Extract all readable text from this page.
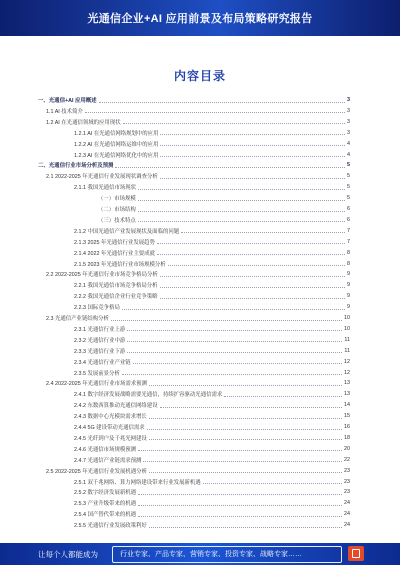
光通信企业+AI 应用前景及布局策略研究报告
内容目录
一、光通信+AI 应用概述	3
1.1 AI 技术简介	3
1.2 AI 在光通信领域的应用现状	3
1.2.1 AI 在光通信网络规划中的应用	3
1.2.2 AI 在光通信网络运维中的应用	4
1.2.3 AI 在光通信网络优化中的应用	4
二、光通信行业市场分析及预测	5
2.1 2022-2025 年光通信行业发展现状调查分析	5
2.1.1 我国光通信市场现状	5
（一）市场规模	5
（二）市场结构	6
（三）技术特点	6
2.1.2 中国光通信产业发展现状及面临的问题	7
2.1.3 2025 年光通信行业发展趋势	7
2.1.4 2022 年光通信行业主要成就	8
2.1.5 2023 年光通信行业市场规模分析	8
2.2 2022-2025 年光通信行业市场竞争格局分析	9
2.2.1 我国光通信市场竞争格局分析	9
2.2.2 我国光通信企业行业竞争策略	9
2.2.3 国际竞争格局	9
2.3 光通信产业链结构分析	10
2.3.1 光通信行业上游	10
2.3.2 光通信行业中游	11
2.3.3 光通信行业下游	11
2.3.4 光通信行业产业链	12
2.3.5 发展前景分析	12
2.4 2022-2025 年光通信行业市场需求预测	13
2.4.1 数字经济发展战略需要光通信，持续扩容驱动光通信需求	13
2.4.2 东数西算推动光通信网络建设	14
2.4.3 数据中心光模块需求增长	15
2.4.4 5G 建设带动光通信需求	16
2.4.5 光纤到户及千兆光网建设	18
2.4.6 光通信市场规模预测	20
2.4.7 光通信产业链需求预测	22
2.5 2022-2025 年光通信行业发展机遇分析	23
2.5.1 双千兆网络、算力网络建设带来行业发展新机遇	23
2.5.2 数字经济发展新机遇	23
2.5.3 产业升级带来的机遇	24
2.5.4 国产替代带来的机遇	24
2.5.5 光通信行业发展政策利好	24
让每个人都能成为	行业专家、产品专家、营销专家、投资专家、战略专家……
